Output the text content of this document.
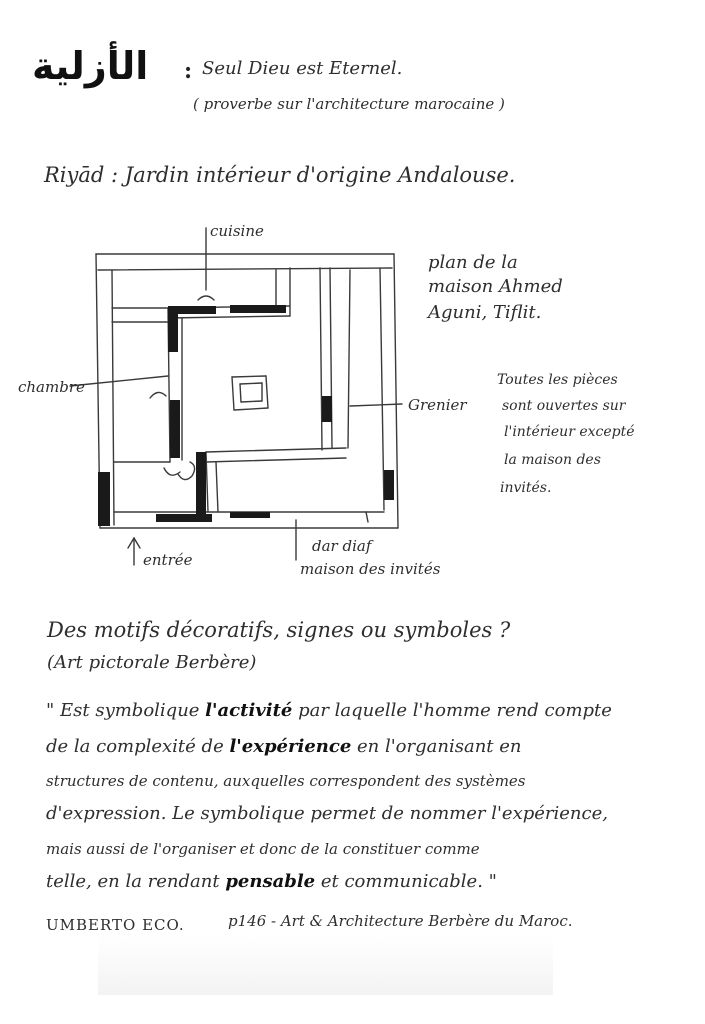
الأزلية : Seul Dieu est Eternel.
( proverbe sur l'architecture marocaine )
Riyād : Jardin intérieur d'origine Andalouse.
cuisine
chambre
Grenier
entrée
dar diaf
maison des invités
plan de la
maison Ahmed
Aguni, Tiflit.
Toutes les pièces
sont ouvertes sur
l'intérieur excepté
la maison des
invités.
Des motifs décoratifs, signes ou symboles ?
(Art pictorale Berbère)
" Est symbolique l'activité par laquelle l'homme rend compte
de la complexité de l'expérience en l'organisant en
structures de contenu, auxquelles correspondent des systèmes
d'expression. Le symbolique permet de nommer l'expérience,
mais aussi de l'organiser et donc de la constituer comme
telle, en la rendant pensable et communicable. "
UMBERTO ECO.	p146 - Art & Architecture Berbère du Maroc.
